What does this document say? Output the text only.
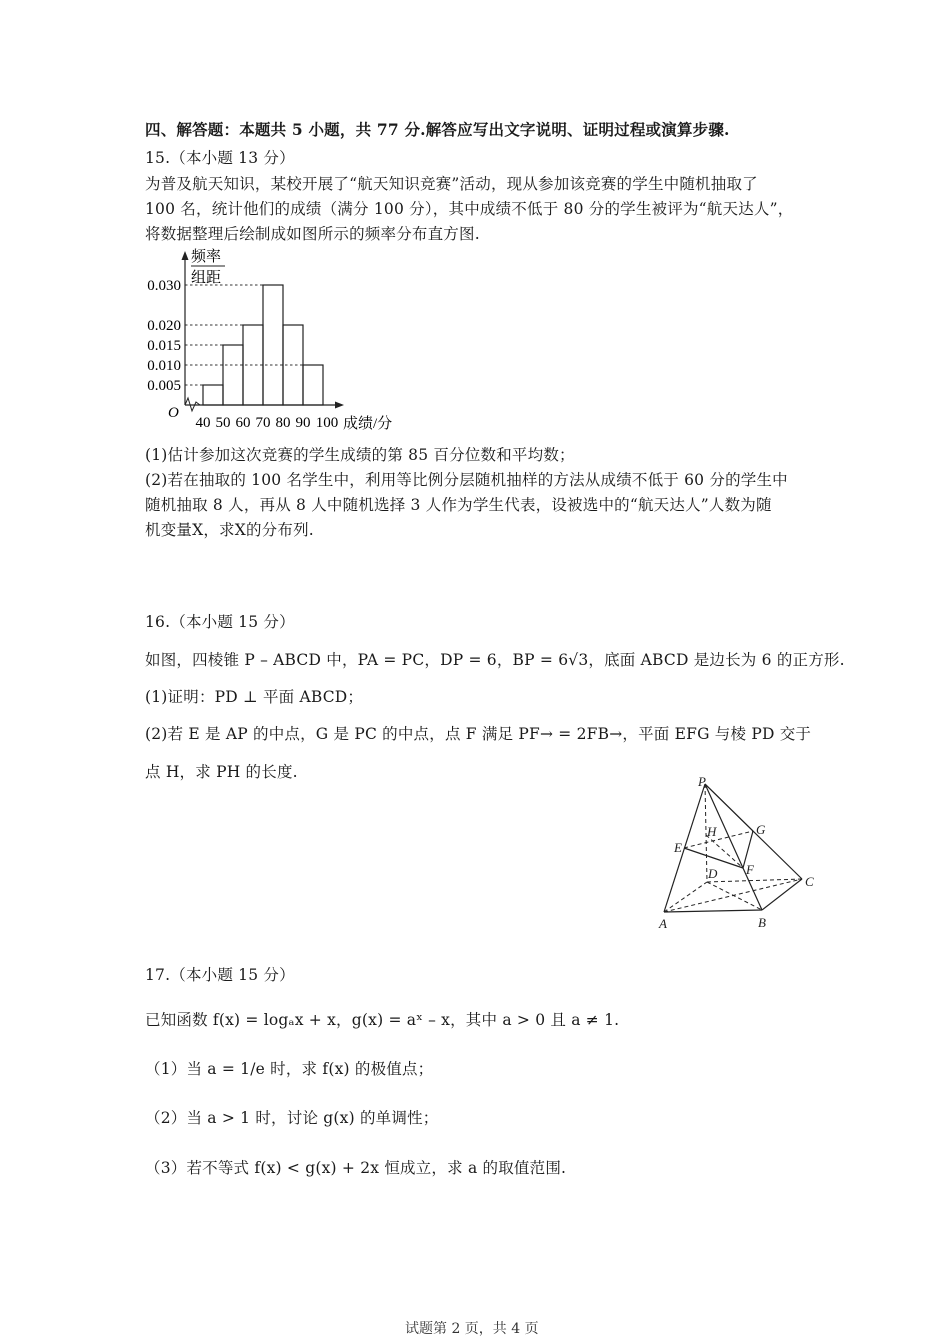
四、解答题：本题共 5 小题，共 77 分.解答应写出文字说明、证明过程或演算步骤.
15.（本小题 13 分）
为普及航天知识，某校开展了“航天知识竞赛”活动，现从参加该竞赛的学生中随机抽取了
100 名，统计他们的成绩（满分 100 分），其中成绩不低于 80 分的学生被评为“航天达人”，
将数据整理后绘制成如图所示的频率分布直方图.
O
频率
组距
0.030
0.020
0.015
0.010
0.005
40 50 60 70 80 90 100 成绩/分
(1)估计参加这次竞赛的学生成绩的第 85 百分位数和平均数；
(2)若在抽取的 100 名学生中，利用等比例分层随机抽样的方法从成绩不低于 60 分的学生中
随机抽取 8 人，再从 8 人中随机选择 3 人作为学生代表，设被选中的“航天达人”人数为随
机变量X，求X的分布列.
16.（本小题 15 分）
如图，四棱锥 P – ABCD 中，PA = PC，DP = 6，BP = 6√3，底面 ABCD 是边长为 6 的正方形.
(1)证明：PD ⊥ 平面 ABCD；
(2)若 E 是 AP 的中点，G 是 PC 的中点，点 F 满足 PF→ = 2FB→，平面 EFG 与棱 PD 交于
点 H，求 PH 的长度.
P
G
H
E
F
D
C
A	B
17.（本小题 15 分）
已知函数 f(x) = logₐx + x，g(x) = aˣ – x，其中 a > 0 且 a ≠ 1.
（1）当 a = 1/e 时，求 f(x) 的极值点；
（2）当 a > 1 时，讨论 g(x) 的单调性；
（3）若不等式 f(x) < g(x) + 2x 恒成立，求 a 的取值范围.
试题第 2 页，共 4 页
